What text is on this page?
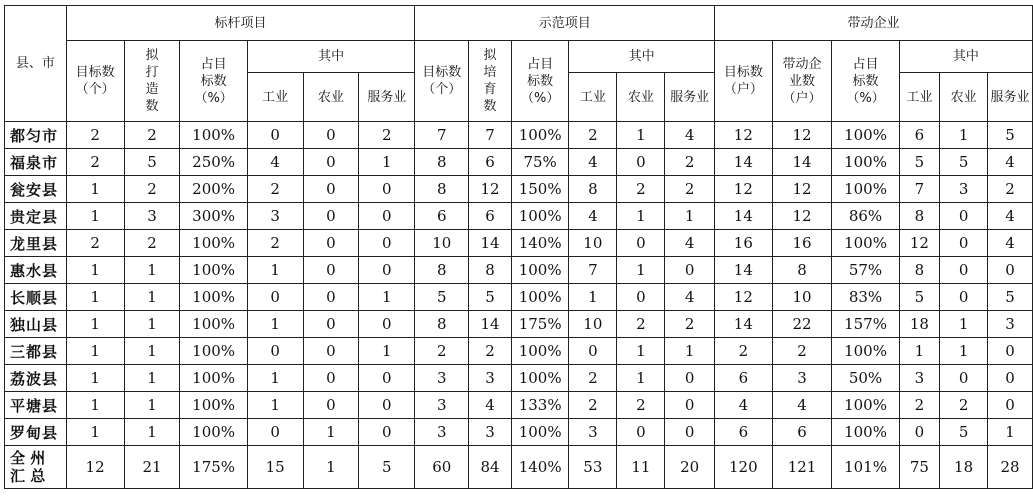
县、市	标杆项目						示范项目						带动企业					
	目标数（个）	拟打造数	占目标数（%）	其中			目标数（个）	拟培育数	占目标数（%）	其中			目标数（户）	带动企业数（户）	占目标数（%）	其中		
				工业	农业	服务业				工业	农业	服务业				工业	农业	服务业
都匀市	2	2	100%	0	0	2	7	7	100%	2	1	4	12	12	100%	6	1	5
福泉市	2	5	250%	4	0	1	8	6	75%	4	0	2	14	14	100%	5	5	4
瓮安县	1	2	200%	2	0	0	8	12	150%	8	2	2	12	12	100%	7	3	2
贵定县	1	3	300%	3	0	0	6	6	100%	4	1	1	14	12	86%	8	0	4
龙里县	2	2	100%	2	0	0	10	14	140%	10	0	4	16	16	100%	12	0	4
惠水县	1	1	100%	1	0	0	8	8	100%	7	1	0	14	8	57%	8	0	0
长顺县	1	1	100%	0	0	1	5	5	100%	1	0	4	12	10	83%	5	0	5
独山县	1	1	100%	1	0	0	8	14	175%	10	2	2	14	22	157%	18	1	3
三都县	1	1	100%	0	0	1	2	2	100%	0	1	1	2	2	100%	1	1	0
荔波县	1	1	100%	1	0	0	3	3	100%	2	1	0	6	3	50%	3	0	0
平塘县	1	1	100%	1	0	0	3	4	133%	2	2	0	4	4	100%	2	2	0
罗甸县	1	1	100%	0	1	0	3	3	100%	3	0	0	6	6	100%	0	5	1
全 州
汇 总	12	21	175%	15	1	5	60	84	140%	53	11	20	120	121	101%	75	18	28
